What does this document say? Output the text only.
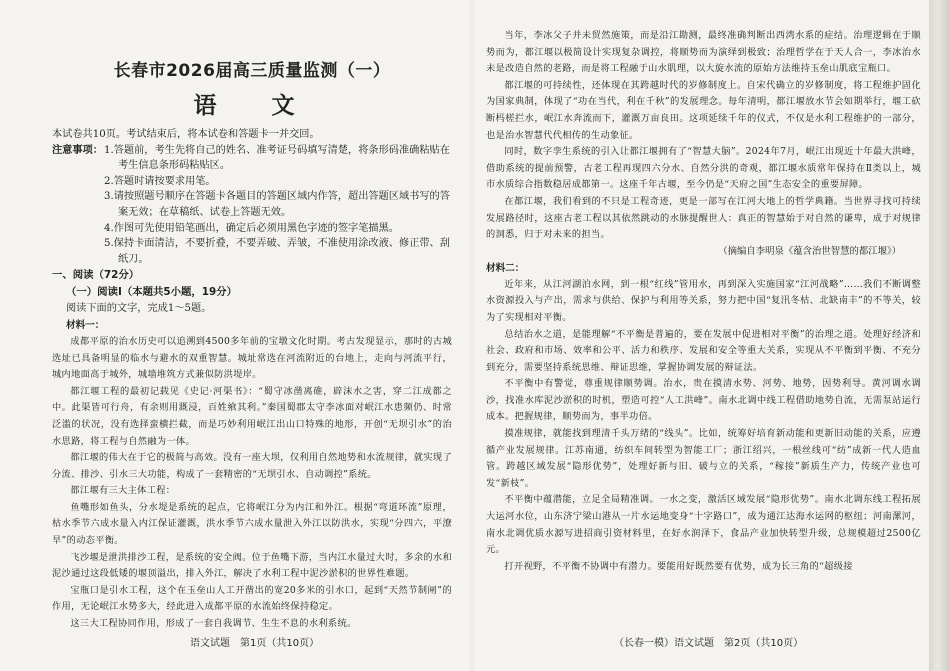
长春市2026届高三质量监测（一）

语　文

本试卷共10页。考试结束后，将本试卷和答题卡一并交回。

注意事项： 1.答题前，考生先将自己的姓名、准考证号码填写清楚，将条形码准确粘贴在考生信息条形码粘贴区。

2.答题时请按要求用笔。

3.请按照题号顺序在答题卡各题目的答题区域内作答，超出答题区域书写的答案无效；在草稿纸、试卷上答题无效。

4.作图可先使用铅笔画出，确定后必须用黑色字迹的签字笔描黑。

5.保持卡面清洁，不要折叠，不要弄破、弄皱，不准使用涂改液、修正带、刮纸刀。

一、阅读（72分）

（一）阅读Ⅰ（本题共5小题，19分）

阅读下面的文字，完成1～5题。

材料一：

成都平原的治水历史可以追溯到4500多年前的宝墩文化时期。考古发现显示，那时的古城选址已具备明显的临水与避水的双重智慧。城址常选在河流附近的台地上，走向与河流平行，城内地面高于城外，城墙堆筑方式兼似防洪堤岸。

都江堰工程的最初记载见《史记·河渠书》：“蜀守冰凿离碓，辟沫水之害，穿二江成都之中。此渠皆可行舟，有余则用溉浸，百姓飨其利。”秦国蜀郡太守李冰面对岷江水患频仍、时常泛滥的状况，没有选择蛮横拦截，而是巧妙利用岷江出山口特殊的地形，开创“无坝引水”的治水思路，将工程与自然融为一体。

都江堰的伟大在于它的极简与高效。没有一座大坝，仅利用自然地势和水流规律，就实现了分流、排沙、引水三大功能，构成了一套精密的“无坝引水、自动调控”系统。

都江堰有三大主体工程：

鱼嘴形如鱼头，分水堤是系统的起点，它将岷江分为内江和外江。根据“弯道环流”原理，枯水季节六成水量入内江保证灌溉，洪水季节六成水量泄入外江以防洪水，实现“分四六，平潦旱”的动态平衡。

飞沙堰是泄洪排沙工程，是系统的安全阀。位于鱼嘴下游，当内江水量过大时，多余的水和泥沙通过这段低矮的堰顶溢出，排入外江，解决了水利工程中泥沙淤积的世界性难题。

宝瓶口是引水工程，这个在玉垒山人工开凿出的宽20多米的引水口，起到“天然节制闸”的作用，无论岷江水势多大，经此进入成都平原的水流始终保持稳定。

这三大工程协同作用，形成了一套自我调节、生生不息的水利系统。

语文试题　第1页（共10页）

当年，李冰父子并未贸然施策，而是沿江勘测，最终准确判断出西湾水系的症结。治理逻辑在于顺势而为，都江堰以极简设计实现复杂调控，将顺势而为演绎到极致；治理哲学在于天人合一，李冰治水未是改造自然的老路，而是将工程融于山水肌理，以大旋水流的原始方法维持玉垒山肌底宝瓶口。

都江堰的可持续性，还体现在其跨越时代的岁修制度上。自宋代确立的岁修制度，将工程维护固化为国家典制，体现了“功在当代，利在千秋”的发展理念。每年清明，都江堰放水节会如期举行，堰工砍断杩槎拦水，岷江水奔流而下，灌溉万亩良田。这项延续千年的仪式，不仅是水利工程维护的一部分，也是治水智慧代代相传的生动象征。

同时，数字孪生系统的引入让都江堰拥有了“智慧大脑”。2024年7月，岷江出现近十年最大洪峰，借助系统的提前预警，古老工程再现四六分水、自然分洪的奇观，都江堰水质常年保持在Ⅱ类以上，城市水质综合指数稳居成都第一。这座千年古堰，至今仍是“天府之国”生态安全的重要屏障。

在都江堰，我们看到的不只是工程奇迹，更是一部写在江河大地上的哲学典籍。当世界寻找可持续发展路径时，这座古老工程以其依然跳动的水脉提醒世人：真正的智慧始于对自然的谦卑，成于对规律的洞悉，归于对未来的担当。

（摘编自李明泉《蕴含治世智慧的都江堰》）

材料二：

近年来，从江河湖泊水网，到一根“红线”管用水，再到深入实施国家“江河战略”……我们不断调整水资源投入与产出，需求与供给、保护与利用等关系，努力把中国“复汛冬枯、北缺南丰”的不等关，较为了实现相对平衡。

总结治水之道，是能理解“不平衡是普遍的，要在发展中促进相对平衡”的治理之道。处理好经济和社会、政府和市场、效率和公平、活力和秩序、发展和安全等重大关系，实现从不平衡到平衡、不充分到充分，需要坚持系统思维、辩证思维，掌握协调发展的辩证法。

不平衡中有警觉，尊重规律顺势调。治水，贵在摸清水势、河势、地势，因势利导。黄河调水调沙，找准水库泥沙淤积的时机，塑造可控“人工洪峰”。南水北调中线工程借助地势自流，无需泵站运行成本。把握规律，顺势而为，事半功倍。

摸准规律，就能找到理清千头万绪的“线头”。比如，统筹好培育新动能和更新旧动能的关系，应遵循产业发展规律。江苏南通，纺织车间转型为智能工厂；浙江绍兴，一根丝线可“纺”成新一代人造血管。跨越区域发展“隐形优势”，处理好新与旧、破与立的关系，“稼接”新质生产力，传统产业也可发“新枝”。

不平衡中蕴潜能，立足全局精准调。一水之变，激活区域发展“隐形优势”。南水北调东线工程拓展大运河水位，山东济宁梁山港从一片水运地变身“十字路口”，成为通江达海水运网的枢纽；河南漯河，南水北调优质水源写进招商引资材料里，在好水润泽下，食品产业加快转型升级，总规模超过2500亿元。

打开视野，不平衡不协调中有潜力。要能用好既然要有优势，成为长三角的“超级接

（长春一模）语文试题　第2页（共10页）
